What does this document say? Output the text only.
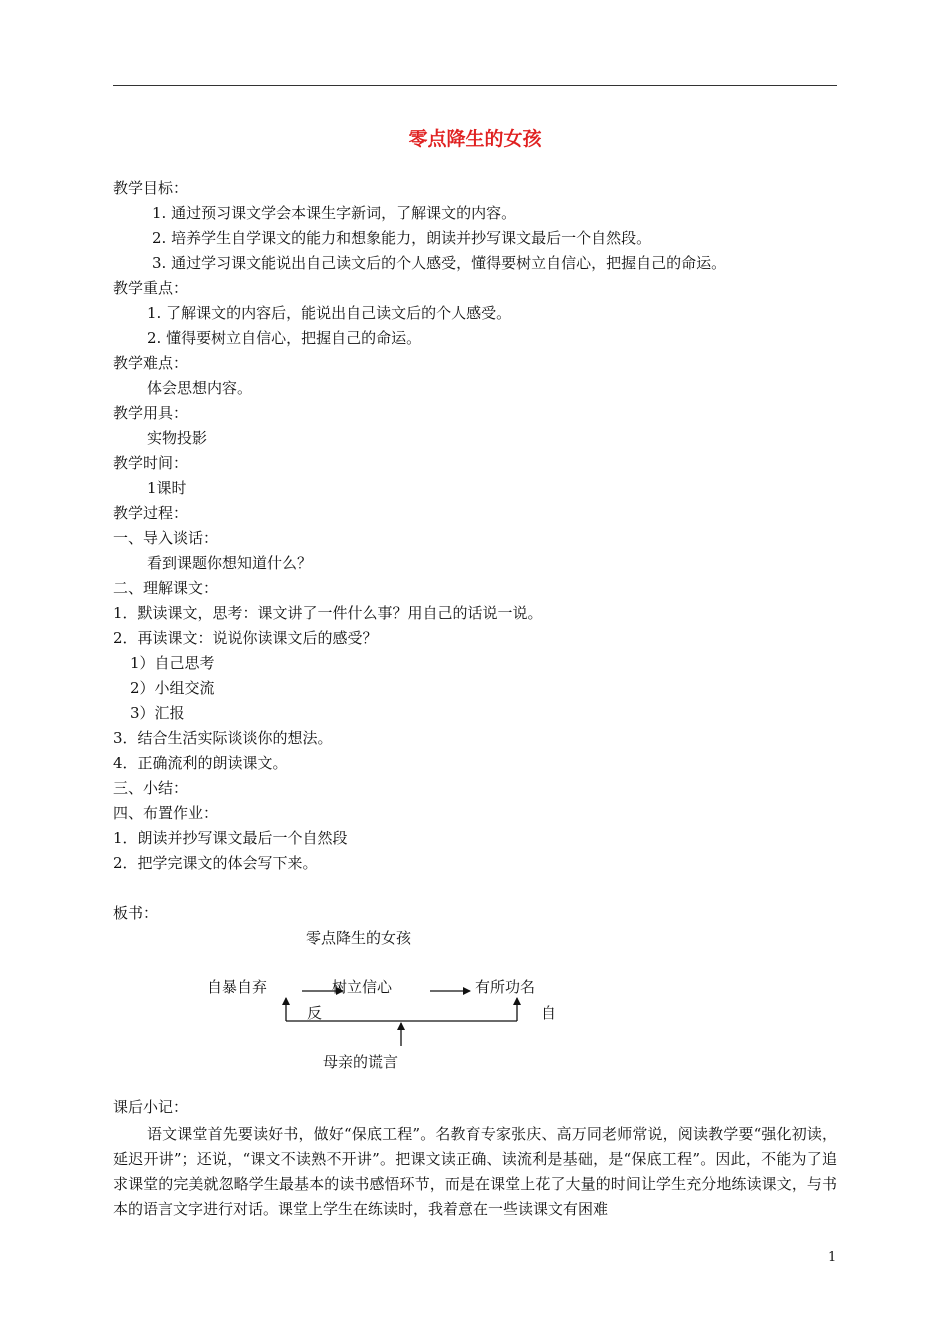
零点降生的女孩
教学目标：
1. 通过预习课文学会本课生字新词，了解课文的内容。
2. 培养学生自学课文的能力和想象能力，朗读并抄写课文最后一个自然段。
3. 通过学习课文能说出自己读文后的个人感受，懂得要树立自信心，把握自己的命运。
教学重点：
1. 了解课文的内容后，能说出自己读文后的个人感受。
2. 懂得要树立自信心，把握自己的命运。
教学难点：
体会思想内容。
教学用具：
实物投影
教学时间：
1课时
教学过程：
一、导入谈话：
看到课题你想知道什么？
二、理解课文：
1．默读课文，思考：课文讲了一件什么事？用自己的话说一说。
2．再读课文：说说你读课文后的感受？
1）自己思考
2）小组交流
3）汇报
3．结合生活实际谈谈你的想法。
4．正确流利的朗读课文。
三、小结：
四、布置作业：
1．朗读并抄写课文最后一个自然段
2．把学完课文的体会写下来。
板书：
零点降生的女孩
自暴自弃	树立信心	有所功名
反	自
母亲的谎言
课后小记：
语文课堂首先要读好书，做好“保底工程”。名教育专家张庆、高万同老师常说，阅读教学要“强化初读，延迟开讲”；还说，“课文不读熟不开讲”。把课文读正确、读流利是基础，是“保底工程”。因此，不能为了追求课堂的完美就忽略学生最基本的读书感悟环节，而是在课堂上花了大量的时间让学生充分地练读课文，与书本的语言文字进行对话。课堂上学生在练读时，我着意在一些读课文有困难
1
